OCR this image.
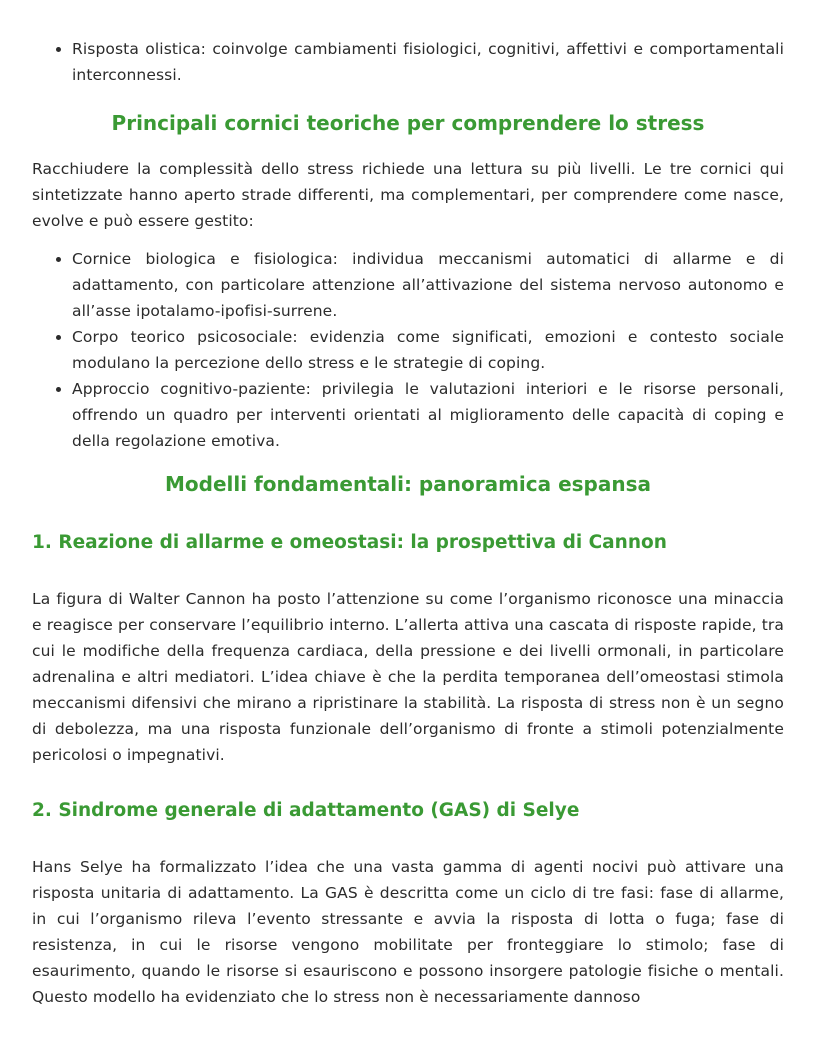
• Risposta olistica: coinvolge cambiamenti fisiologici, cognitivi, affettivi e comportamentali interconnessi.
Principali cornici teoriche per comprendere lo stress

Racchiudere la complessità dello stress richiede una lettura su più livelli. Le tre cornici qui sintetizzate hanno aperto strade differenti, ma complementari, per comprendere come nasce, evolve e può essere gestito:

• Cornice biologica e fisiologica: individua meccanismi automatici di allarme e di adattamento, con particolare attenzione all’attivazione del sistema nervoso autonomo e all’asse ipotalamo-ipofisi-surrene.
• Corpo teorico psicosociale: evidenzia come significati, emozioni e contesto sociale modulano la percezione dello stress e le strategie di coping.
• Approccio cognitivo-paziente: privilegia le valutazioni interiori e le risorse personali, offrendo un quadro per interventi orientati al miglioramento delle capacità di coping e della regolazione emotiva.
Modelli fondamentali: panoramica espansa
1. Reazione di allarme e omeostasi: la prospettiva di Cannon

La figura di Walter Cannon ha posto l’attenzione su come l’organismo riconosce una minaccia e reagisce per conservare l’equilibrio interno. L’allerta attiva una cascata di risposte rapide, tra cui le modifiche della frequenza cardiaca, della pressione e dei livelli ormonali, in particolare adrenalina e altri mediatori. L’idea chiave è che la perdita temporanea dell’omeostasi stimola meccanismi difensivi che mirano a ripristinare la stabilità. La risposta di stress non è un segno di debolezza, ma una risposta funzionale dell’organismo di fronte a stimoli potenzialmente pericolosi o impegnativi.

2. Sindrome generale di adattamento (GAS) di Selye

Hans Selye ha formalizzato l’idea che una vasta gamma di agenti nocivi può attivare una risposta unitaria di adattamento. La GAS è descritta come un ciclo di tre fasi: fase di allarme, in cui l’organismo rileva l’evento stressante e avvia la risposta di lotta o fuga; fase di resistenza, in cui le risorse vengono mobilitate per fronteggiare lo stimolo; fase di esaurimento, quando le risorse si esauriscono e possono insorgere patologie fisiche o mentali. Questo modello ha evidenziato che lo stress non è necessariamente dannoso
